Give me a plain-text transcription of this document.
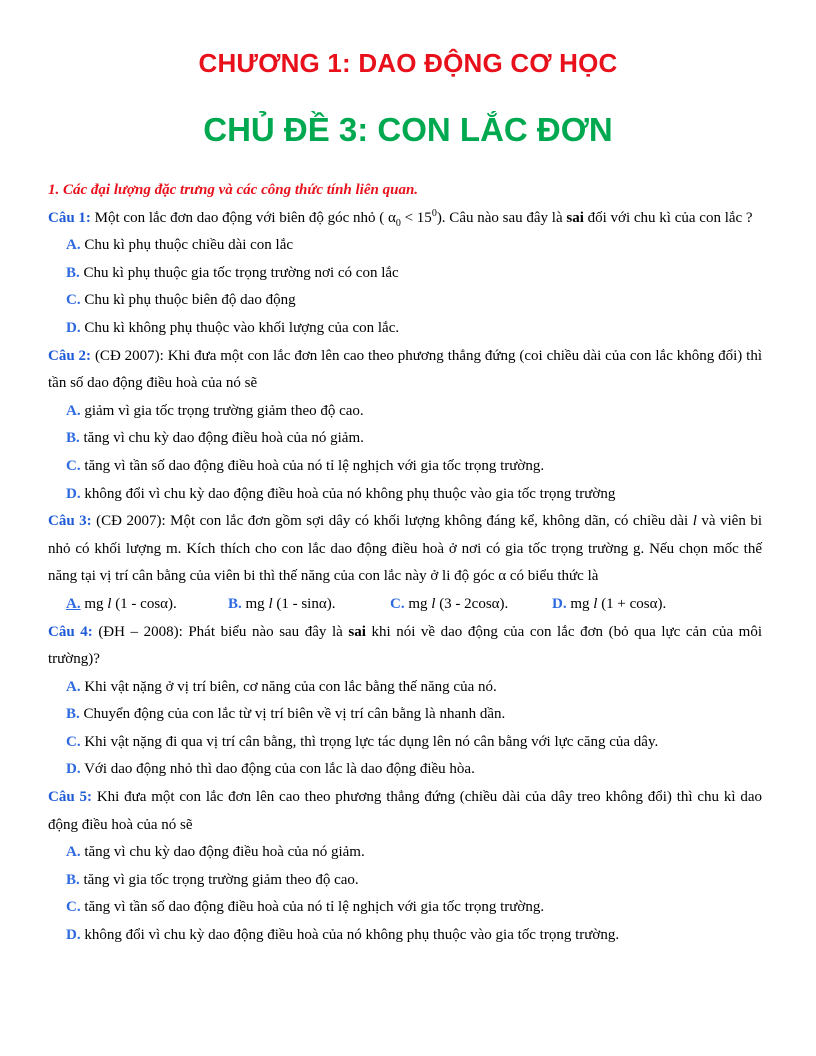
CHƯƠNG 1: DAO ĐỘNG CƠ HỌC
CHỦ ĐỀ 3: CON LẮC ĐƠN
1. Các đại lượng đặc trưng và các công thức tính liên quan.
Câu 1: Một con lắc đơn dao động với biên độ góc nhỏ ( $\alpha_0 < 15^0$). Câu nào sau đây là sai đối với chu kì của con lắc ?
A. Chu kì phụ thuộc chiều dài con lắc
B. Chu kì phụ thuộc gia tốc trọng trường nơi có con lắc
C. Chu kì phụ thuộc biên độ dao động
D. Chu kì không phụ thuộc vào khối lượng của con lắc.
Câu 2: (CĐ 2007): Khi đưa một con lắc đơn lên cao theo phương thẳng đứng (coi chiều dài của con lắc không đổi) thì tần số dao động điều hoà của nó sẽ
A. giảm vì gia tốc trọng trường giảm theo độ cao.
B. tăng vì chu kỳ dao động điều hoà của nó giảm.
C. tăng vì tần số dao động điều hoà của nó tỉ lệ nghịch với gia tốc trọng trường.
D. không đổi vì chu kỳ dao động điều hoà của nó không phụ thuộc vào gia tốc trọng trường
Câu 3: (CĐ 2007): Một con lắc đơn gồm sợi dây có khối lượng không đáng kể, không dãn, có chiều dài l và viên bi nhỏ có khối lượng m. Kích thích cho con lắc dao động điều hoà ở nơi có gia tốc trọng trường g. Nếu chọn mốc thế năng tại vị trí cân bằng của viên bi thì thế năng của con lắc này ở li độ góc α có biểu thức là
A. mg l (1 - cosα).	B. mg l (1 - sinα).	C. mg l (3 - 2cosα).	D. mg l (1 + cosα).
Câu 4: (ĐH – 2008): Phát biểu nào sau đây là sai khi nói về dao động của con lắc đơn (bỏ qua lực cản của môi trường)?
A. Khi vật nặng ở vị trí biên, cơ năng của con lắc bằng thế năng của nó.
B. Chuyển động của con lắc từ vị trí biên về vị trí cân bằng là nhanh dần.
C. Khi vật nặng đi qua vị trí cân bằng, thì trọng lực tác dụng lên nó cân bằng với lực căng của dây.
D. Với dao động nhỏ thì dao động của con lắc là dao động điều hòa.
Câu 5: Khi đưa một con lắc đơn lên cao theo phương thẳng đứng (chiều dài của dây treo không đổi) thì chu kì dao động điều hoà của nó sẽ
A. tăng vì chu kỳ dao động điều hoà của nó giảm.
B. tăng vì gia tốc trọng trường giảm theo độ cao.
C. tăng vì tần số dao động điều hoà của nó tỉ lệ nghịch với gia tốc trọng trường.
D. không đổi vì chu kỳ dao động điều hoà của nó không phụ thuộc vào gia tốc trọng trường.
